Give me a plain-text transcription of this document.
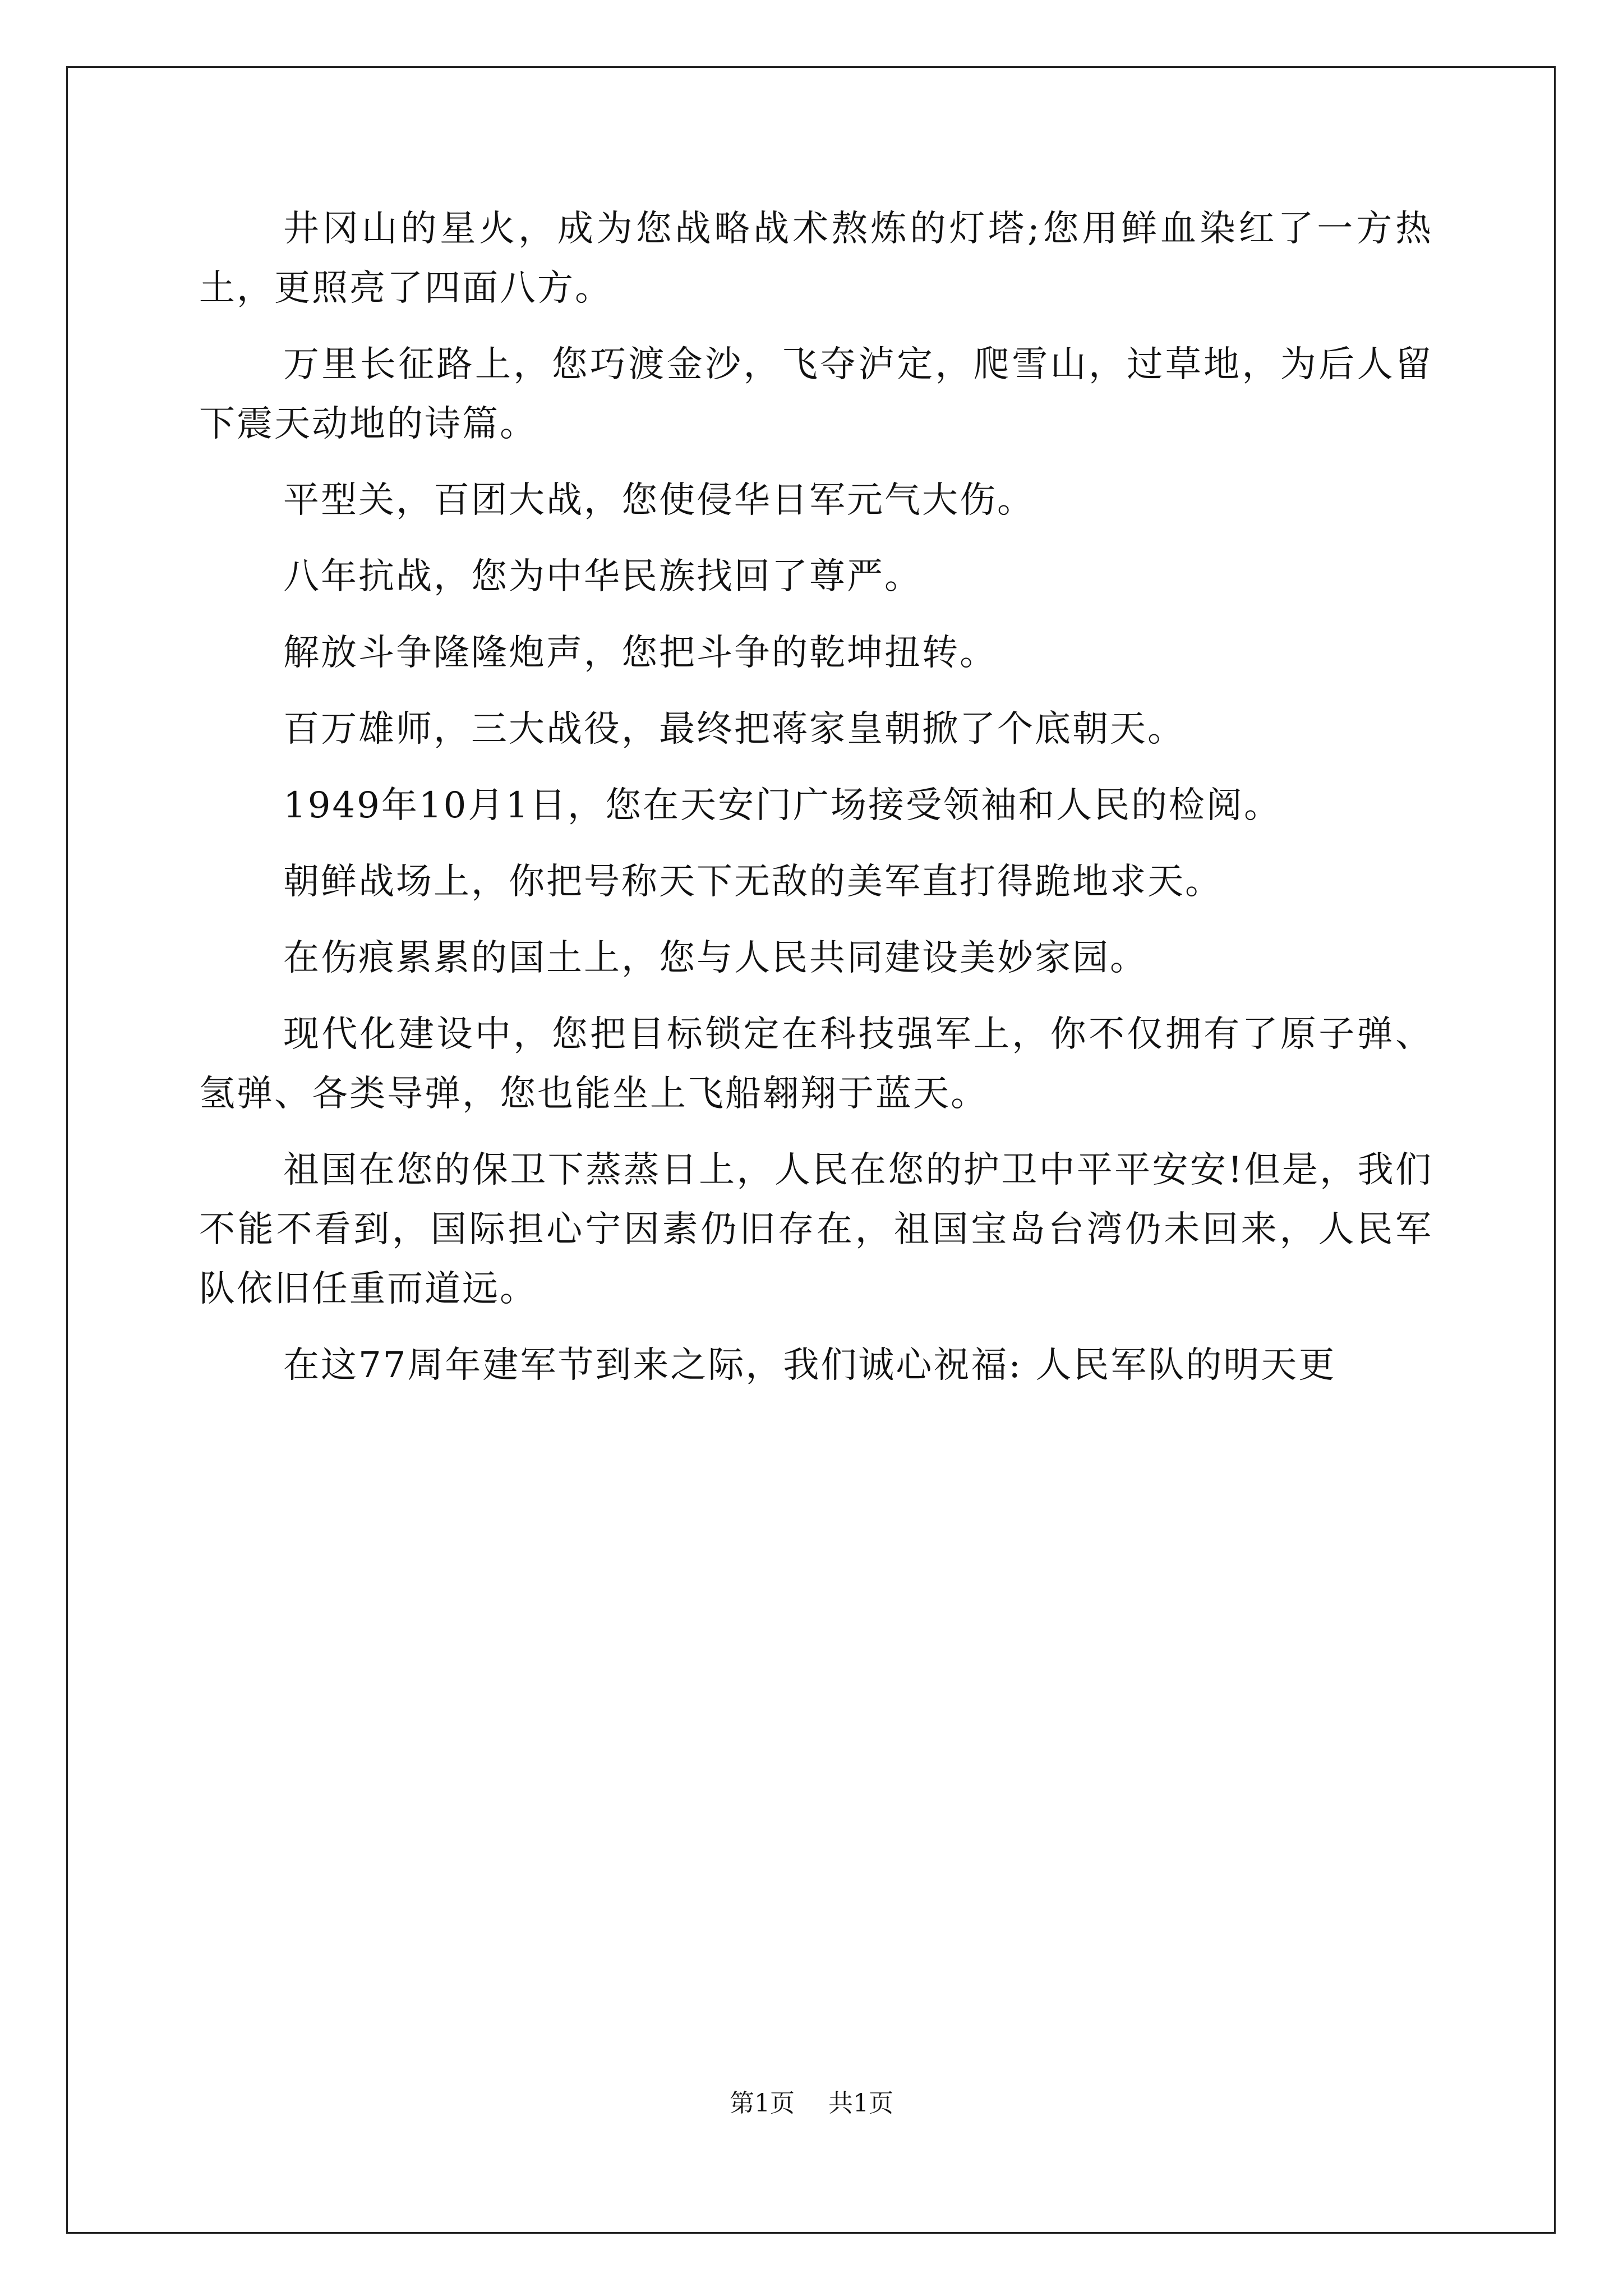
井冈山的星火，成为您战略战术熬炼的灯塔;您用鲜血染红了一方热土，更照亮了四面八方。

万里长征路上，您巧渡金沙，飞夺泸定，爬雪山，过草地，为后人留下震天动地的诗篇。

平型关，百团大战，您使侵华日军元气大伤。

八年抗战，您为中华民族找回了尊严。

解放斗争隆隆炮声，您把斗争的乾坤扭转。

百万雄师，三大战役，最终把蒋家皇朝掀了个底朝天。

1949年10月1日，您在天安门广场接受领袖和人民的检阅。

朝鲜战场上，你把号称天下无敌的美军直打得跪地求天。

在伤痕累累的国土上，您与人民共同建设美妙家园。

现代化建设中，您把目标锁定在科技强军上，你不仅拥有了原子弹、氢弹、各类导弹，您也能坐上飞船翱翔于蓝天。

祖国在您的保卫下蒸蒸日上，人民在您的护卫中平平安安!但是，我们不能不看到，国际担心宁因素仍旧存在，祖国宝岛台湾仍未回来，人民军队依旧任重而道远。

在这77周年建军节到来之际，我们诚心祝福: 人民军队的明天更

第1页 共1页
